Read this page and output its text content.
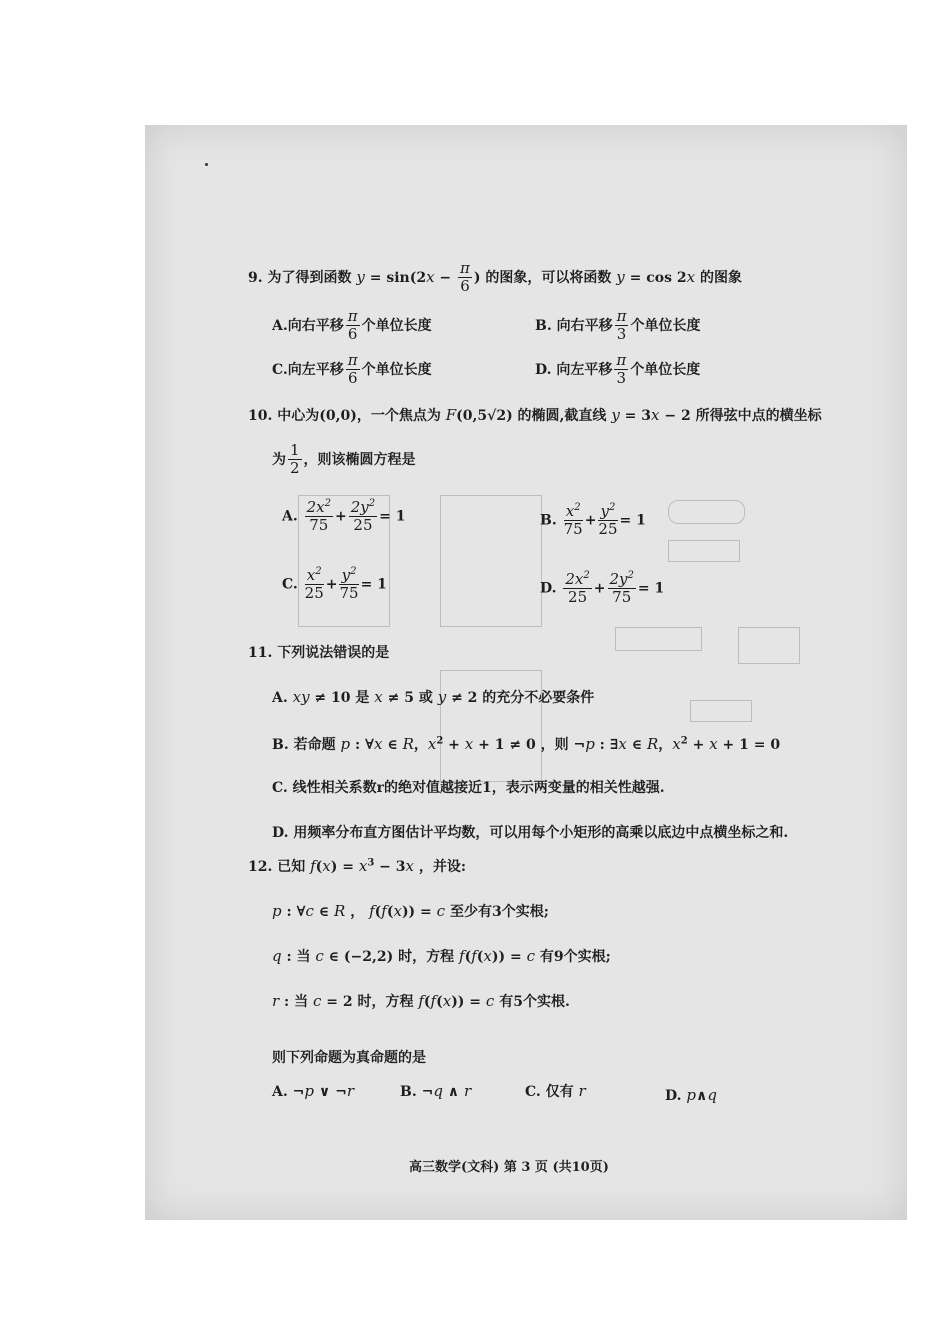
9. 为了得到函数 $y = \sin(2x - \frac{\pi}{6}$ ) 的图象，可以将函数 y = cos 2x 的图象
A.向右平移 $\frac{\pi}{6}$ 个单位长度	B. 向右平移 $\frac{\pi}{3}$ 个单位长度
C.向左平移 $\frac{\pi}{6}$ 个单位长度	D. 向左平移 $\frac{\pi}{3}$ 个单位长度
10. 中心为(0,0)，一个焦点为 F(0,5√2) 的椭圆,截直线 y = 3x − 2 所得弦中点的横坐标
为 $\frac{1}{2}$ ，则该椭圆方程是
A. $\frac{2x^2}{75} + \frac{2y^2}{25} = 1$	B. $\frac{x^2}{75} + \frac{y^2}{25} = 1$
C. $\frac{x^2}{25} + \frac{y^2}{75} = 1$	D. $\frac{2x^2}{25} + \frac{2y^2}{75} = 1$
11. 下列说法错误的是
A. xy ≠ 10 是 x ≠ 5 或 y ≠ 2 的充分不必要条件
B. 若命题 p : ∀x ∈ R，$x^2 + x + 1 \ne 0$ ，则 ¬p : ∃x ∈ R，$x^2 + x + 1 = 0$
C. 线性相关系数r的绝对值越接近1，表示两变量的相关性越强.
D. 用频率分布直方图估计平均数，可以用每个小矩形的高乘以底边中点横坐标之和.
12. 已知 $f(x) = x^3 - 3x$ ，并设:
p : ∀c ∈ R ， f(f(x)) = c 至少有3个实根;
q : 当 c ∈ (−2,2) 时，方程 f(f(x)) = c 有9个实根;
r : 当 c = 2 时，方程 f(f(x)) = c 有5个实根.
则下列命题为真命题的是
A. ¬p ∨ ¬r	B. ¬q ∧ r	C. 仅有 r	D. p∧q
高三数学(文科) 第 3 页 (共10页)
